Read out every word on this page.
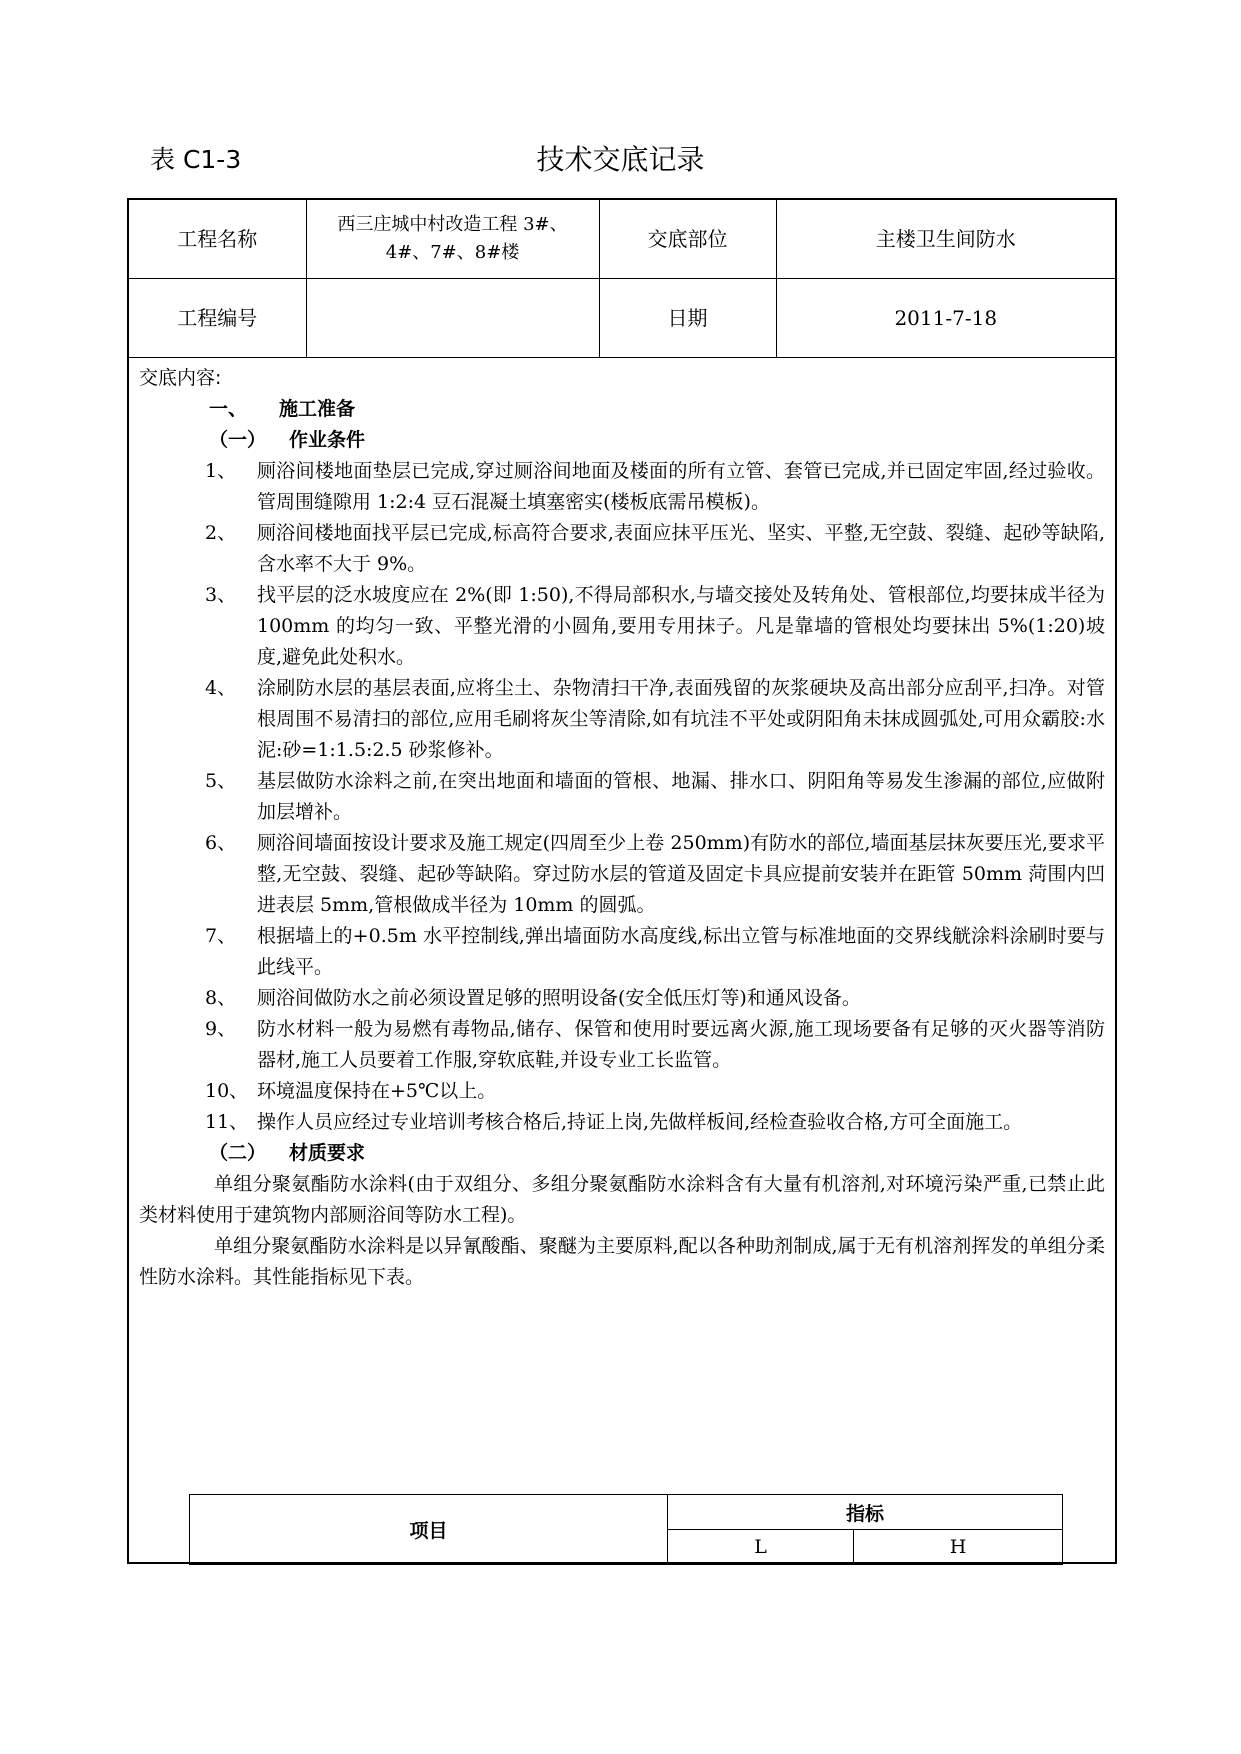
表 C1-3	技术交底记录
工程名称	西三庄城中村改造工程 3#、
4#、7#、8#楼	交底部位	主楼卫生间防水
工程编号		日期	2011-7-18
交底内容:
一、 施工准备
（一） 作业条件
1、	厕浴间楼地面垫层已完成,穿过厕浴间地面及楼面的所有立管、套管已完成,并已固定牢固,经过验收。管周围缝隙用 1:2:4 豆石混凝土填塞密实(楼板底需吊模板)。
2、	厕浴间楼地面找平层已完成,标高符合要求,表面应抹平压光、坚实、平整,无空鼓、裂缝、起砂等缺陷,含水率不大于 9%。
3、	找平层的泛水坡度应在 2%(即 1:50),不得局部积水,与墙交接处及转角处、管根部位,均要抹成半径为 100mm 的均匀一致、平整光滑的小圆角,要用专用抹子。凡是靠墙的管根处均要抹出 5%(1:20)坡度,避免此处积水。
4、	涂刷防水层的基层表面,应将尘土、杂物清扫干净,表面残留的灰浆硬块及高出部分应刮平,扫净。对管根周围不易清扫的部位,应用毛刷将灰尘等清除,如有坑洼不平处或阴阳角未抹成圆弧处,可用众霸胶:水泥:砂=1:1.5:2.5 砂浆修补。
5、	基层做防水涂料之前,在突出地面和墙面的管根、地漏、排水口、阴阳角等易发生渗漏的部位,应做附加层增补。
6、	厕浴间墙面按设计要求及施工规定(四周至少上卷 250mm)有防水的部位,墙面基层抹灰要压光,要求平整,无空鼓、裂缝、起砂等缺陷。穿过防水层的管道及固定卡具应提前安装并在距管 50mm 菏围内凹进表层 5mm,管根做成半径为 10mm 的圆弧。
7、	根据墙上的+0.5m 水平控制线,弹出墙面防水高度线,标出立管与标准地面的交界线觥涂料涂刷时要与此线平。
8、	厕浴间做防水之前必须设置足够的照明设备(安全低压灯等)和通风设备。
9、	防水材料一般为易燃有毒物品,储存、保管和使用时要远离火源,施工现场要备有足够的灭火器等消防器材,施工人员要着工作服,穿软底鞋,并设专业工长监管。
10、 环境温度保持在+5℃以上。
11、 操作人员应经过专业培训考核合格后,持证上岗,先做样板间,经检查验收合格,方可全面施工。
（二） 材质要求

单组分聚氨酯防水涂料(由于双组分、多组分聚氨酯防水涂料含有大量有机溶剂,对环境污染严重,已禁止此类材料使用于建筑物内部厕浴间等防水工程)。

单组分聚氨酯防水涂料是以异氰酸酯、聚醚为主要原料,配以各种助剂制成,属于无有机溶剂挥发的单组分柔性防水涂料。其性能指标见下表。

项目	指标	
	L	H
